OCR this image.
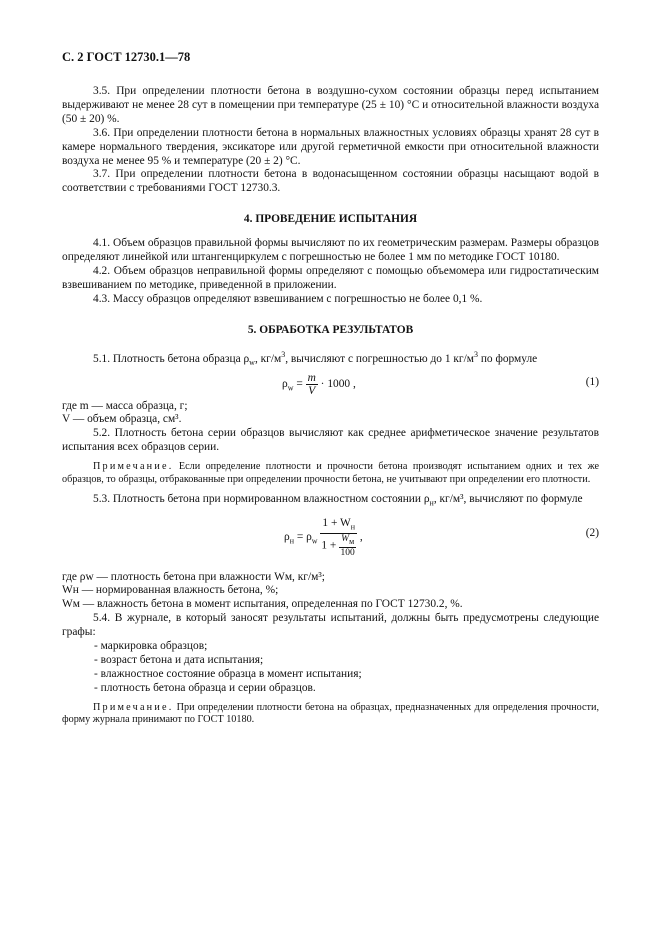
С. 2 ГОСТ 12730.1—78

3.5. При определении плотности бетона в воздушно-сухом состоянии образцы перед испытанием выдерживают не менее 28 сут в помещении при температуре (25 ± 10) °С и относительной влажности воздуха (50 ± 20) %.

3.6. При определении плотности бетона в нормальных влажностных условиях образцы хранят 28 сут в камере нормального твердения, эксикаторе или другой герметичной емкости при относительной влажности воздуха не менее 95 % и температуре (20 ± 2) °С.

3.7. При определении плотности бетона в водонасыщенном состоянии образцы насыщают водой в соответствии с требованиями ГОСТ 12730.3.

4. ПРОВЕДЕНИЕ ИСПЫТАНИЯ

4.1. Объем образцов правильной формы вычисляют по их геометрическим размерам. Размеры образцов определяют линейкой или штангенциркулем с погрешностью не более 1 мм по методике ГОСТ 10180.

4.2. Объем образцов неправильной формы определяют с помощью объемомера или гидростатическим взвешиванием по методике, приведенной в приложении.

4.3. Массу образцов определяют взвешиванием с погрешностью не более 0,1 %.

5. ОБРАБОТКА РЕЗУЛЬТАТОВ

5.1. Плотность бетона образца $\rho_w$, $кг/м^3$, вычисляют с погрешностью до 1 $кг/м^3$ по формуле

$\rho_w = \frac{m}{V} \cdot 1000$ ,	(1)

где m — масса образца, г;

V — объем образца, см³.

5.2. Плотность бетона серии образцов вычисляют как среднее арифметическое значение результатов испытания всех образцов серии.

Примечание. Если определение плотности и прочности бетона производят испытанием одних и тех же образцов, то образцы, отбракованные при определении прочности бетона, не учитывают при определении его плотности.

5.3. Плотность бетона при нормированном влажностном состоянии $\rho_н$, кг/м³, вычисляют по формуле

$\rho_н = \rho_w \frac{1 + W_н}{1 + \frac{W_м}{100}}$ ,	(2)

где ρw — плотность бетона при влажности Wм, кг/м³;

Wн — нормированная влажность бетона, %;

Wм — влажность бетона в момент испытания, определенная по ГОСТ 12730.2, %.

5.4. В журнале, в который заносят результаты испытаний, должны быть предусмотрены следующие графы:

- маркировка образцов;
- возраст бетона и дата испытания;
- влажностное состояние образца в момент испытания;
- плотность бетона образца и серии образцов.

Примечание. При определении плотности бетона на образцах, предназначенных для определения прочности, форму журнала принимают по ГОСТ 10180.
